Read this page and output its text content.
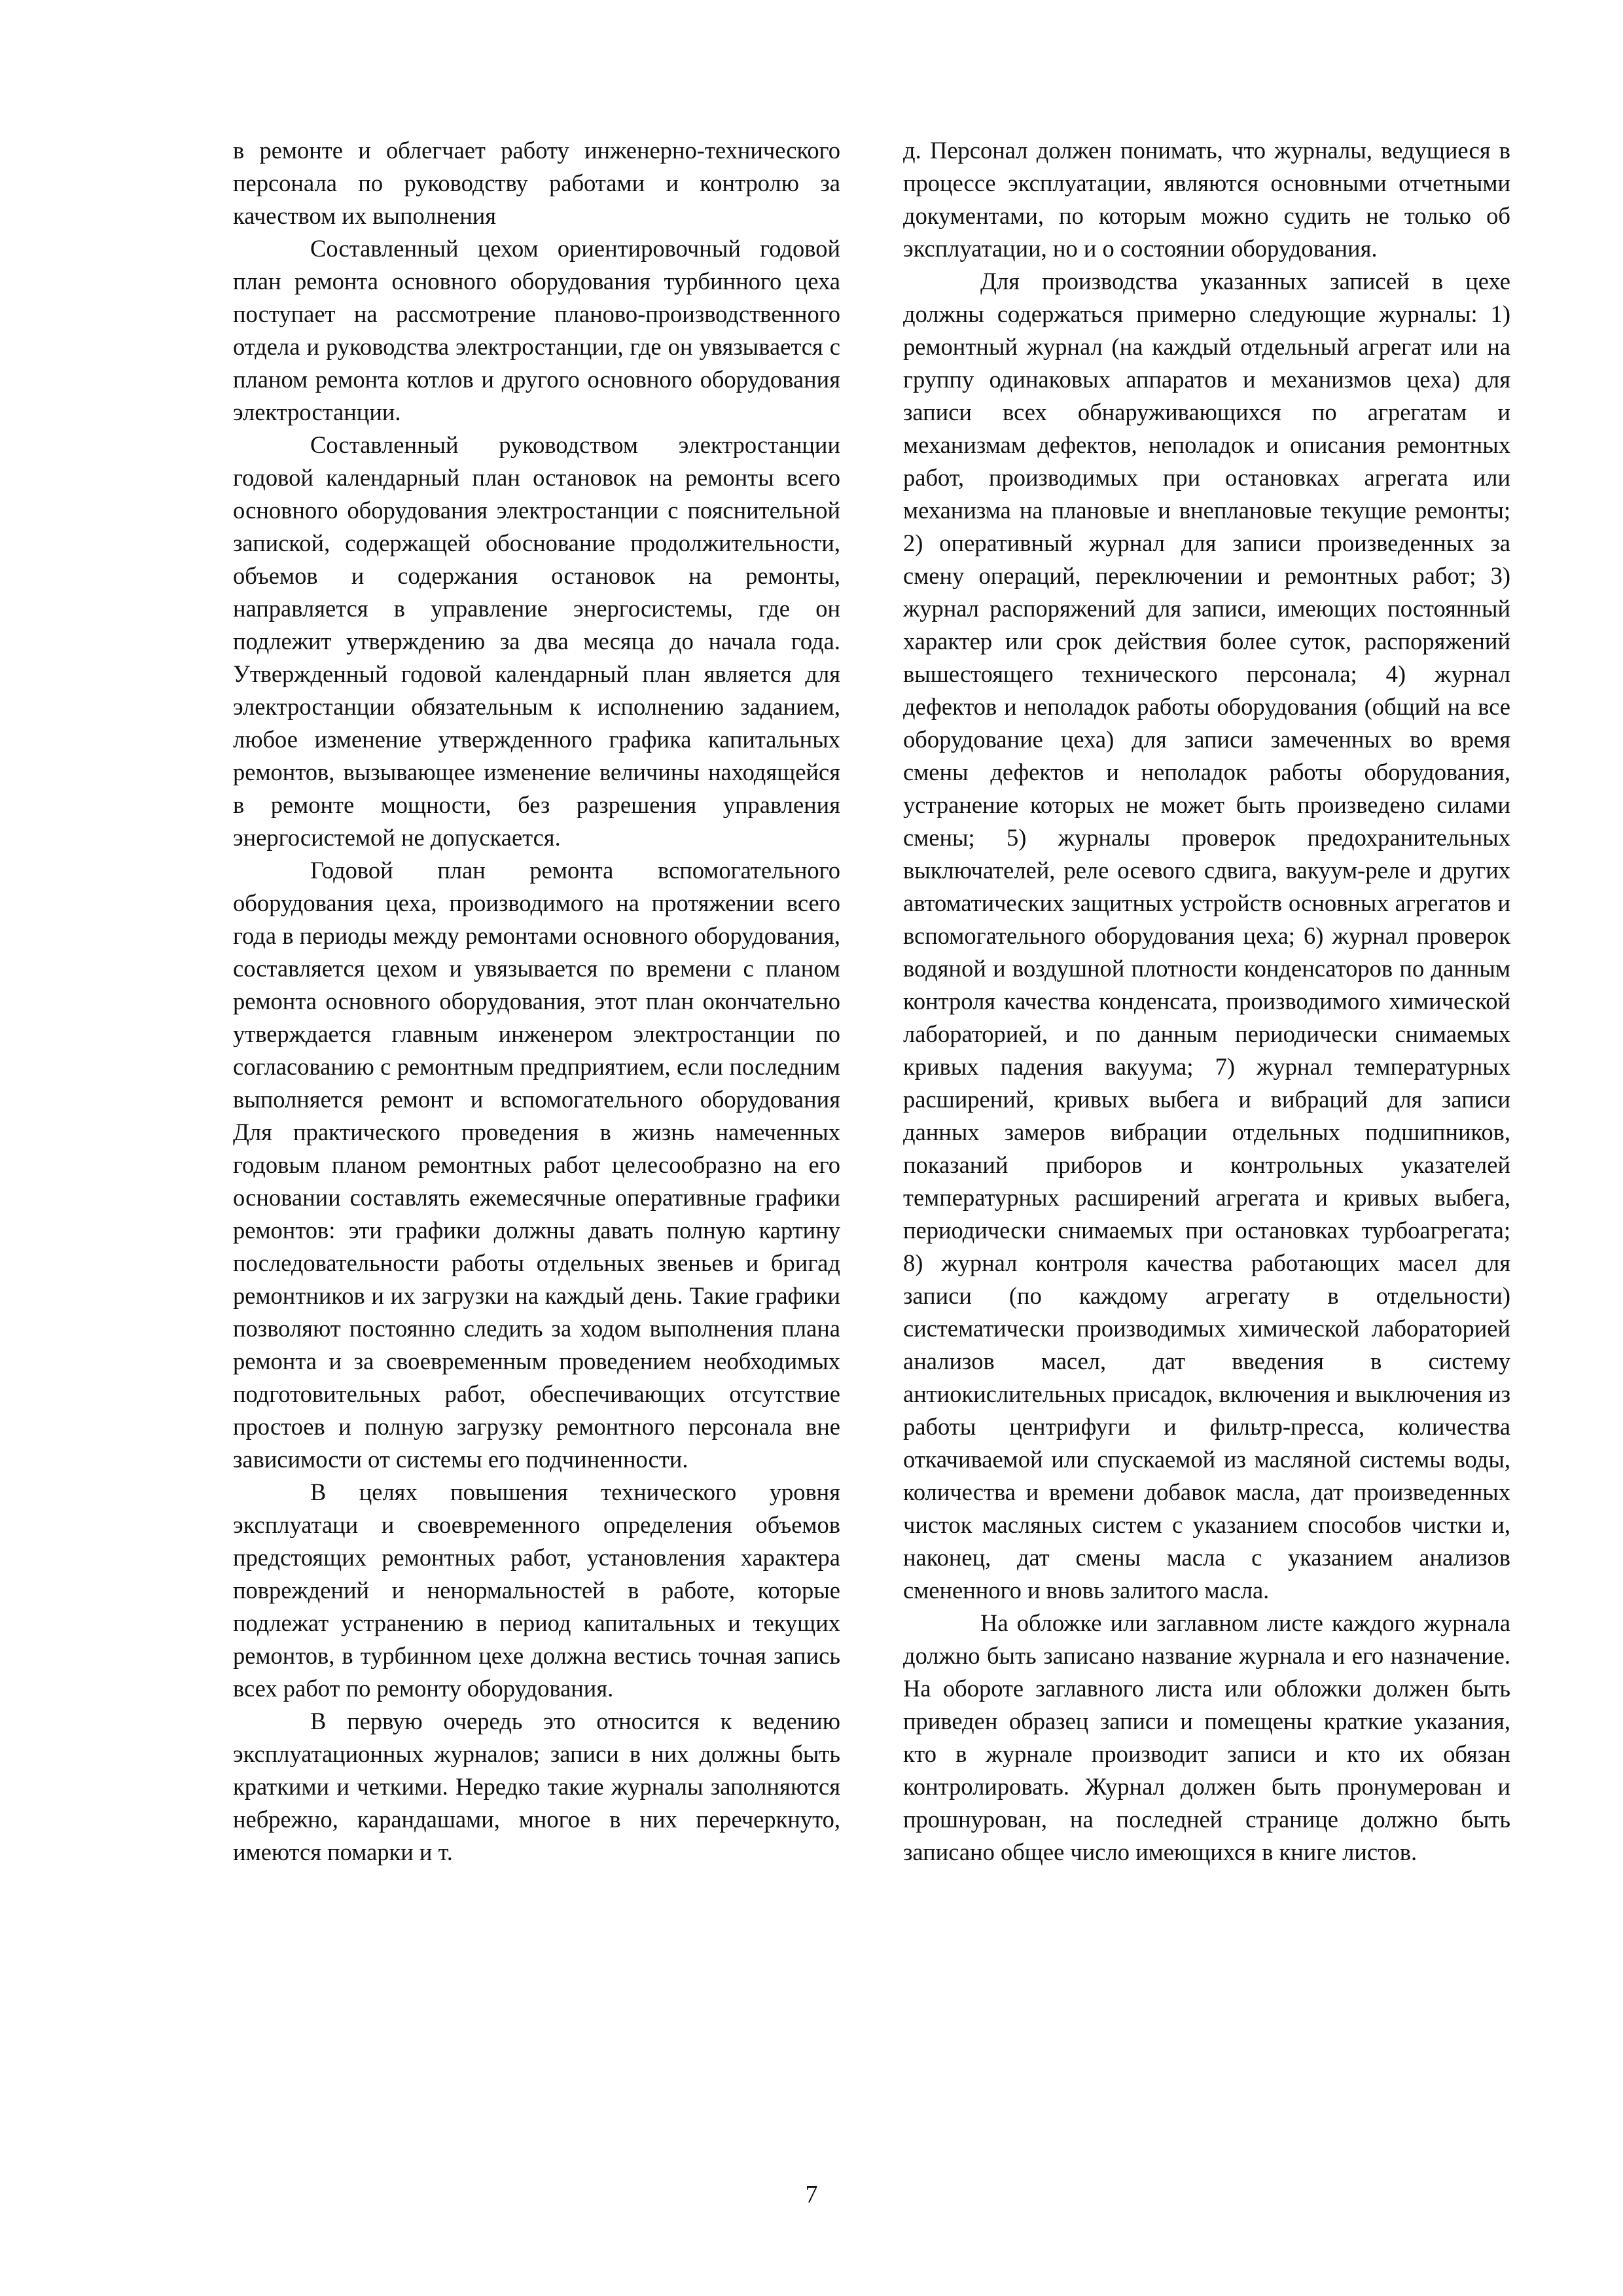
в ремонте и облегчает работу инженерно-технического персонала по руководству работами и контролю за качеством их выполнения

Составленный цехом ориентировочный годовой план ремонта основного оборудования турбинного цеха поступает на рассмотрение планово-производственного отдела и руководства электростанции, где он увязывается с планом ремонта котлов и другого основного оборудования электростанции.

Составленный руководством электростанции годовой календарный план остановок на ремонты всего основного оборудования электростанции с пояснительной запиской, содержащей обоснование продолжительности, объемов и содержания остановок на ремонты, направляется в управление энергосистемы, где он подлежит утверждению за два месяца до начала года. Утвержденный годовой календарный план является для электростанции обязательным к исполнению заданием, любое изменение утвержденного графика капитальных ремонтов, вызывающее изменение величины находящейся в ремонте мощности, без разрешения управления энергосистемой не допускается.

Годовой план ремонта вспомогательного оборудования цеха, производимого на протяжении всего года в периоды между ремонтами основного оборудования, составляется цехом и увязывается по времени с планом ремонта основного оборудования, этот план окончательно утверждается главным инженером электростанции по согласованию с ремонтным предприятием, если последним выполняется ремонт и вспомогательного оборудования Для практического проведения в жизнь намеченных годовым планом ремонтных работ целесообразно на его основании составлять ежемесячные оперативные графики ремонтов: эти графики должны давать полную картину последовательности работы отдельных звеньев и бригад ремонтников и их загрузки на каждый день. Такие графики позволяют постоянно следить за ходом выполнения плана ремонта и за своевременным проведением необходимых подготовительных работ, обеспечивающих отсутствие простоев и полную загрузку ремонтного персонала вне зависимости от системы его подчиненности.

В целях повышения технического уровня эксплуатаци и своевременного определения объемов предстоящих ремонтных работ, установления характера повреждений и ненормальностей в работе, которые подлежат устранению в период капитальных и текущих ремонтов, в турбинном цехе должна вестись точная запись всех работ по ремонту оборудования.

В первую очередь это относится к ведению эксплуатационных журналов; записи в них должны быть краткими и четкими. Нередко такие журналы заполняются небрежно, карандашами, многое в них перечеркнуто, имеются помарки и т.

д. Персонал должен понимать, что журналы, ведущиеся в процессе эксплуатации, являются основными отчетными документами, по которым можно судить не только об эксплуатации, но и о состоянии оборудования.

Для производства указанных записей в цехе должны содержаться примерно следующие журналы: 1) ремонтный журнал (на каждый отдельный агрегат или на группу одинаковых аппаратов и механизмов цеха) для записи всех обнаруживающихся по агрегатам и механизмам дефектов, неполадок и описания ремонтных работ, производимых при остановках агрегата или механизма на плановые и внеплановые текущие ремонты; 2) оперативный журнал для записи произведенных за смену операций, переключении и ремонтных работ; 3) журнал распоряжений для записи, имеющих постоянный характер или срок действия более суток, распоряжений вышестоящего технического персонала; 4) журнал дефектов и неполадок работы оборудования (общий на все оборудование цеха) для записи замеченных во время смены дефектов и неполадок работы оборудования, устранение которых не может быть произведено силами смены; 5) журналы проверок предохранительных выключателей, реле осевого сдвига, вакуум-реле и других автоматических защитных устройств основных агрегатов и вспомогательного оборудования цеха; 6) журнал проверок водяной и воздушной плотности конденсаторов по данным контроля качества конденсата, производимого химической лабораторией, и по данным периодически снимаемых кривых падения вакуума; 7) журнал температурных расширений, кривых выбега и вибраций для записи данных замеров вибрации отдельных подшипников, показаний приборов и контрольных указателей температурных расширений агрегата и кривых выбега, периодически снимаемых при остановках турбоагрегата; 8) журнал контроля качества работающих масел для записи (по каждому агрегату в отдельности) систематически производимых химической лабораторией анализов масел, дат введения в систему антиокислительных присадок, включения и выключения из работы центрифуги и фильтр-пресса, количества откачиваемой или спускаемой из масляной системы воды, количества и времени добавок масла, дат произведенных чисток масляных систем с указанием способов чистки и, наконец, дат смены масла с указанием анализов смененного и вновь залитого масла.

На обложке или заглавном листе каждого журнала должно быть записано название журнала и его назначение. На обороте заглавного листа или обложки должен быть приведен образец записи и помещены краткие указания, кто в журнале производит записи и кто их обязан контролировать. Журнал должен быть пронумерован и прошнурован, на последней странице должно быть записано общее число имеющихся в книге листов.

7
